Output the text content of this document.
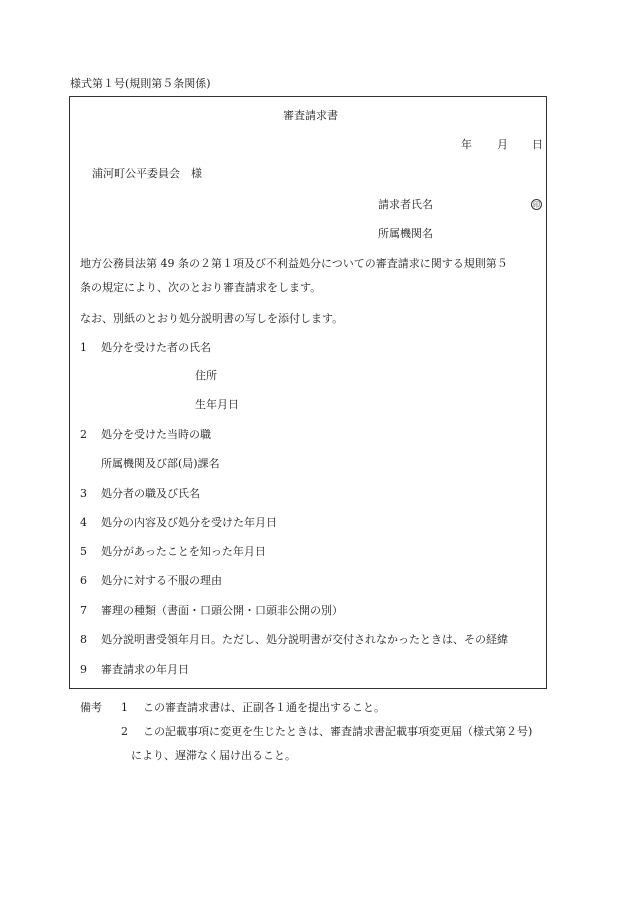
様式第１号(規則第５条関係)
審査請求書
年 月 日
浦河町公平委員会　様
請求者氏名	印
所属機関名
地方公務員法第 49 条の２第１項及び不利益処分についての審査請求に関する規則第５
条の規定により、次のとおり審査請求をします。
なお、別紙のとおり処分説明書の写しを添付します。
1 処分を受けた者の氏名
住所
生年月日
2 処分を受けた当時の職
所属機関及び部(局)課名
3 処分者の職及び氏名
4 処分の内容及び処分を受けた年月日
5 処分があったことを知った年月日
6 処分に対する不服の理由
7 審理の種類（書面・口頭公開・口頭非公開の別）
8 処分説明書受領年月日。ただし、処分説明書が交付されなかったときは、その経緯
9 審査請求の年月日
備考 1 この審査請求書は、正副各１通を提出すること。
2 この記載事項に変更を生じたときは、審査請求書記載事項変更届（様式第２号)
により、遅滞なく届け出ること。
